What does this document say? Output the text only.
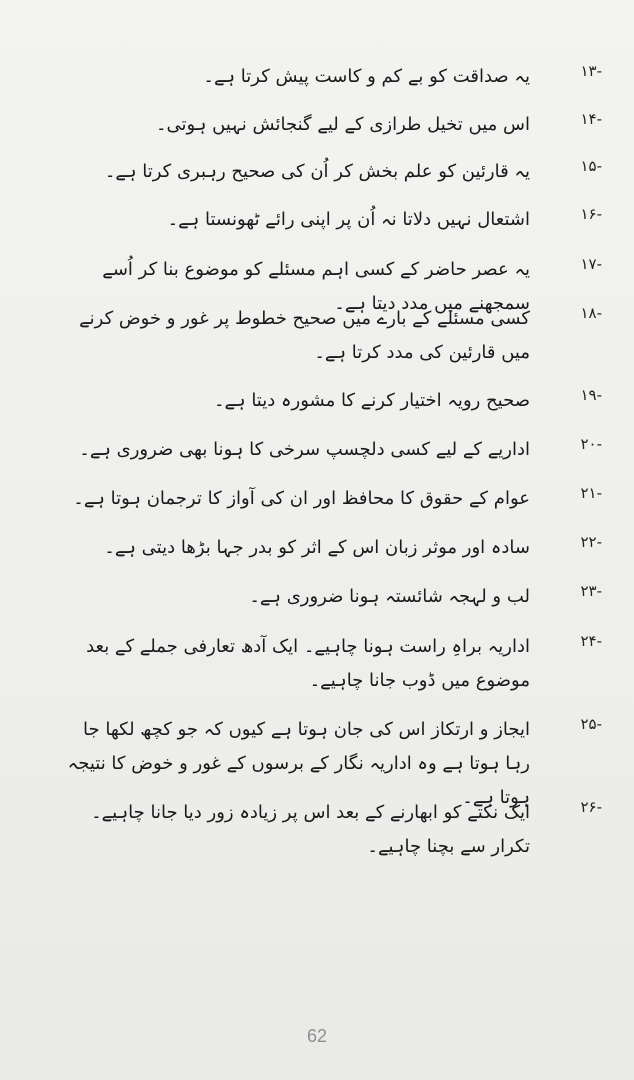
-۱۳
یہ صداقت کو بے کم و کاست پیش کرتا ہے۔
-۱۴
اس میں تخیل طرازی کے لیے گنجائش نہیں ہوتی۔
-۱۵
یہ قارئین کو علم بخش کر اُن کی صحیح رہبری کرتا ہے۔
-۱۶
اشتعال نہیں دلاتا نہ اُن پر اپنی رائے ٹھونستا ہے۔
-۱۷
یہ عصر حاضر کے کسی اہم مسئلے کو موضوع بنا کر اُسے سمجھنے میں مدد دیتا ہے۔	-۱۸
کسی مسئلے کے بارے میں صحیح خطوط پر غور و خوض کرنے میں قارئین کی مدد کرتا ہے۔
-۱۹
صحیح رویہ اختیار کرنے کا مشورہ دیتا ہے۔
-۲۰
اداریے کے لیے کسی دلچسپ سرخی کا ہونا بھی ضروری ہے۔
-۲۱
عوام کے حقوق کا محافظ اور ان کی آواز کا ترجمان ہوتا ہے۔
-۲۲
سادہ اور موثر زبان اس کے اثر کو بدر جہا بڑھا دیتی ہے۔
-۲۳
لب و لہجہ شائستہ ہونا ضروری ہے۔
-۲۴
اداریہ براہِ راست ہونا چاہیے۔ ایک آدھ تعارفی جملے کے بعد موضوع میں ڈوب جانا چاہیے۔
-۲۵
ایجاز و ارتکاز اس کی جان ہوتا ہے کیوں کہ جو کچھ لکھا جا رہا ہوتا ہے وہ اداریہ نگار کے برسوں کے غور و خوض کا نتیجہ ہوتا ہے۔	-۲۶
ایک نکتے کو ابھارنے کے بعد اس پر زیادہ زور دیا جانا چاہیے۔ تکرار سے بچنا چاہیے۔
62
